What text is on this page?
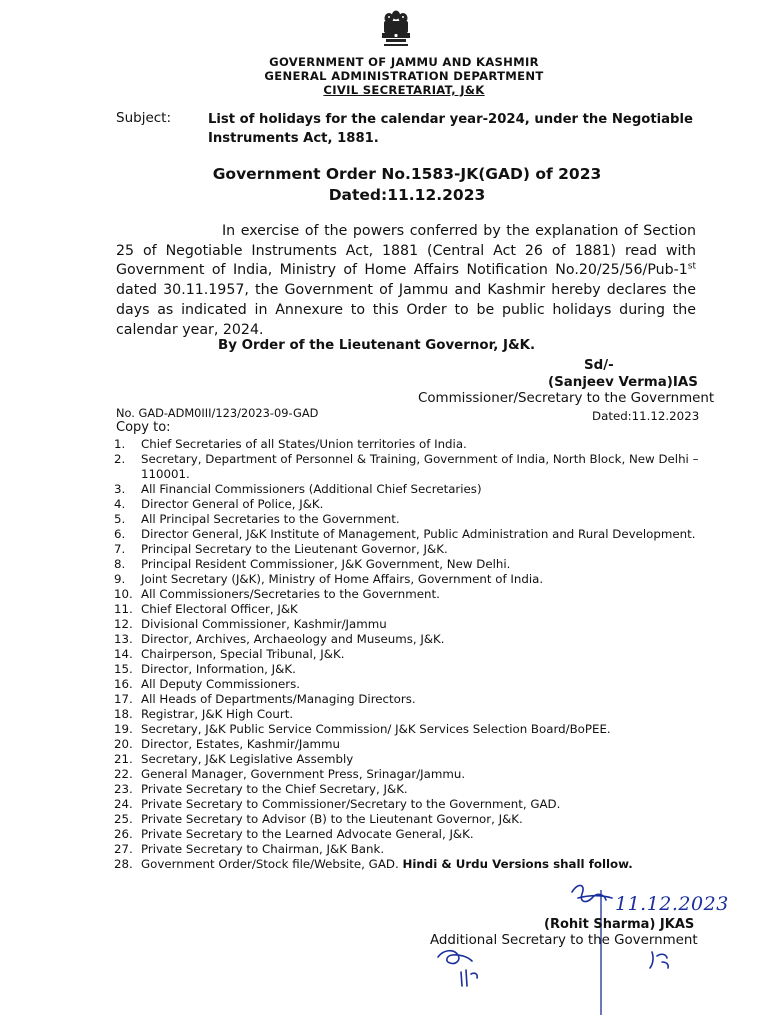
GOVERNMENT OF JAMMU AND KASHMIR
GENERAL ADMINISTRATION DEPARTMENT
CIVIL SECRETARIAT, J&K
Subject:	List of holidays for the calendar year-2024, under the Negotiable Instruments Act, 1881.
Government Order No.1583-JK(GAD) of 2023
Dated:11.12.2023
In exercise of the powers conferred by the explanation of Section 25 of Negotiable Instruments Act, 1881 (Central Act 26 of 1881) read with Government of India, Ministry of Home Affairs Notification No.20/25/56/Pub-1st dated 30.11.1957, the Government of Jammu and Kashmir hereby declares the days as indicated in Annexure to this Order to be public holidays during the calendar year, 2024.
By Order of the Lieutenant Governor, J&K.
Sd/-
(Sanjeev Verma)IAS
Commissioner/Secretary to the Government
No. GAD-ADM0III/123/2023-09-GAD	Dated:11.12.2023
Copy to:
1. Chief Secretaries of all States/Union territories of India.
2. Secretary, Department of Personnel & Training, Government of India, North Block, New Delhi – 110001.
3. All Financial Commissioners (Additional Chief Secretaries)
4. Director General of Police, J&K.
5. All Principal Secretaries to the Government.
6. Director General, J&K Institute of Management, Public Administration and Rural Development.
7. Principal Secretary to the Lieutenant Governor, J&K.
8. Principal Resident Commissioner, J&K Government, New Delhi.
9. Joint Secretary (J&K), Ministry of Home Affairs, Government of India.
10. All Commissioners/Secretaries to the Government.
11. Chief Electoral Officer, J&K
12. Divisional Commissioner, Kashmir/Jammu
13. Director, Archives, Archaeology and Museums, J&K.
14. Chairperson, Special Tribunal, J&K.
15. Director, Information, J&K.
16. All Deputy Commissioners.
17. All Heads of Departments/Managing Directors.
18. Registrar, J&K High Court.
19. Secretary, J&K Public Service Commission/ J&K Services Selection Board/BoPEE.
20. Director, Estates, Kashmir/Jammu
21. Secretary, J&K Legislative Assembly
22. General Manager, Government Press, Srinagar/Jammu.
23. Private Secretary to the Chief Secretary, J&K.
24. Private Secretary to Commissioner/Secretary to the Government, GAD.
25. Private Secretary to Advisor (B) to the Lieutenant Governor, J&K.
26. Private Secretary to the Learned Advocate General, J&K.
27. Private Secretary to Chairman, J&K Bank.
28. Government Order/Stock file/Website, GAD. Hindi & Urdu Versions shall follow.
11.12.2023
(Rohit Sharma) JKAS
Additional Secretary to the Government
